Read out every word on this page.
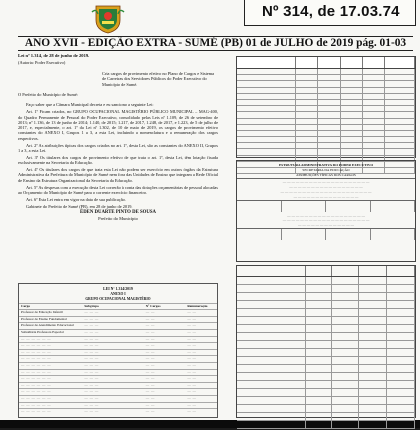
Nº 314, de 17.03.74
ANO XVII - EDIÇÃO EXTRA - SUMÉ (PB) 01 de JULHO de 2019 pág. 01-03

Lei nº 1.314, de 28 de junho de 2019.

(Autoria: Poder Executivo)

Cria cargos de provimento efetivo no Plano de Cargos e Sistema de Carreiras dos Servidores Públicos do Poder Executivo do Município de Sumé.

O Prefeito do Município de Sumé:

Faço saber que a Câmara Municipal decreta e eu sanciono a seguinte Lei:

Art. 1º Ficam criados, no GRUPO OCUPACIONAL MAGISTÉRIO PÚBLICO MUNICIPAL – MAG-400, do Quadro Permanente de Pessoal do Poder Executivo, consolidado pelas Leis nº 1.109, de 26 de setembro de 2013; nº 1.136, de 13 de junho de 2014; 1.140, de 2015; 1.217, de 2017, 1.248, de 2017, e 1.223, de 5 de julho de 2017, e, especialmente, o art. 1º da Lei nº 1.302, de 10 de maio de 2019, os cargos de provimento efetivo constantes do ANEXO I, Grupos 1 a 3, a esta Lei, incluindo a nomenclatura e a remuneração dos cargos respectivos.

Art. 2º As atribuições típicas dos cargos criados no art. 1º, desta Lei, são as constantes do ANEXO II, Grupos 1 a 3, a esta Lei.

Art. 3º Os titulares dos cargos de provimento efetivo de que trata o art. 1º, desta Lei, têm lotação fixada exclusivamente na Secretaria da Educação.

Art. 4º Os titulares dos cargos de que trata esta Lei não podem ser exercício em outros órgãos da Estrutura Administrativa da Prefeitura do Município de Sumé nem fora das Unidades de Ensino que integram a Rede Oficial de Ensino da Estrutura Organizacional da Secretaria da Educação.

Art. 5º As despesas com a execução desta Lei correrão à conta das dotações orçamentárias de pessoal alocadas ao Orçamento do Município de Sumé para o corrente exercício financeiro.

Art. 6º Esta Lei entra em vigor na data de sua publicação.

Gabinete do Prefeito de Sumé (PB), em 28 de junho de 2019.

ÉDEN DUARTE PINTO DE SOUSA
Prefeito do Município
LEI Nº 1.314/2019
ANEXO I
GRUPO OCUPACIONAL MAGISTÉRIO
Cargo	Subgrupo	Nº Cargos	Remuneração
Professor de Educação Infantil	— — —	— —	— —
Professor de Ensino Fundamental	— — —	— —	— —
Professor de Atendimento Educacional	— — —	— —	— —
Subsidiária Professora Especial	— — —	— —	— —
— — — — — —	— — —	— —	— —
— — — — — —	— — —	— —	— —
— — — — — —	— — —	— —	— —
— — — — — —	— — —	— —	— —
— — — — — —	— — —	— —	— —
— — — — — —	— — —	— —	— —
— — — — — —	— — —	— —	— —
— — — — — —	— — —	— —	— —
— — — — — —	— — —	— —	— —
— — — — — —	— — —	— —	— —
— — — — — —	— — —	— —	— —
— — — — — —	— — —	— —	— —
ESTRUTURA ADMINISTRATIVA DO PODER EXECUTIVO
SECRETARIA DA EDUCAÇÃO
ATRIBUIÇÕES TÍPICAS DOS CARGOS
— — — — — — — — — — — — — — — — — — — —
— — — — — — — — — — — — — — — — —
— — — — — — — — — — — — — — — — — — — — —
— — — — — — — — — — — — — — —
— — — — — — — — — — — — — — — — — —
— — — — — — — — — — — — — — — — — — — —
— — — — — — — — — — — — —
